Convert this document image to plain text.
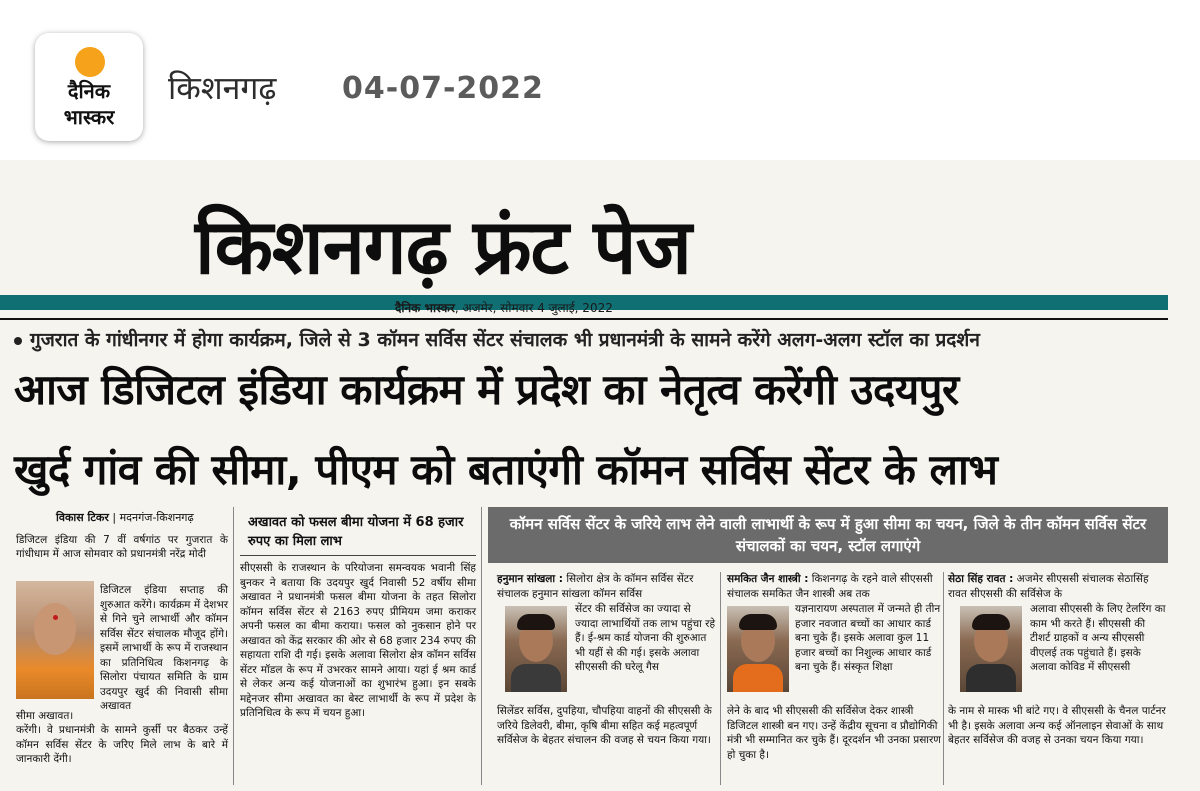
दैनिक
भास्कर
किशनगढ़ 04-07-2022
किशनगढ़ फ्रंट पेज
दैनिक भास्कर, अजमेर, सोमवार 4 जुलाई, 2022
गुजरात के गांधीनगर में होगा कार्यक्रम, जिले से 3 कॉमन सर्विस सेंटर संचालक भी प्रधानमंत्री के सामने करेंगे अलग-अलग स्टॉल का प्रदर्शन
आज डिजिटल इंडिया कार्यक्रम में प्रदेश का नेतृत्व करेंगी उदयपुर
खुर्द गांव की सीमा, पीएम को बताएंगी कॉमन सर्विस सेंटर के लाभ
विकास टिकर | मदनगंज-किशनगढ़
डिजिटल इंडिया की 7 वीं वर्षगांठ पर गुजरात के गांधीधाम में आज सोमवार को प्रधानमंत्री नरेंद्र मोदी
डिजिटल इंडिया सप्ताह की शुरुआत करेंगे। कार्यक्रम में देशभर से गिने चुने लाभार्थी और कॉमन सर्विस सेंटर संचालक मौजूद होंगे। इसमें लाभार्थी के रूप में राजस्थान का प्रतिनिधित्व किशनगढ़ के सिलोरा पंचायत समिति के ग्राम उदयपुर खुर्द की निवासी सीमा अखावत
सीमा अखावत।
करेंगी। वे प्रधानमंत्री के सामने कुर्सी पर बैठकर उन्हें कॉमन सर्विस सेंटर के जरिए मिले लाभ के बारे में जानकारी देंगी।
अखावत को फसल बीमा योजना में 68 हजार रुपए का मिला लाभ
सीएससी के राजस्थान के परियोजना समन्वयक भवानी सिंह बुनकर ने बताया कि उदयपुर खुर्द निवासी 52 वर्षीय सीमा अखावत ने प्रधानमंत्री फसल बीमा योजना के तहत सिलोरा कॉमन सर्विस सेंटर से 2163 रुपए प्रीमियम जमा कराकर अपनी फसल का बीमा कराया। फसल को नुकसान होने पर अखावत को केंद्र सरकार की ओर से 68 हजार 234 रुपए की सहायता राशि दी गई। इसके अलावा सिलोरा क्षेत्र कॉमन सर्विस सेंटर मॉडल के रूप में उभरकर सामने आया। यहां ई श्रम कार्ड से लेकर अन्य कई योजनाओं का शुभारंभ हुआ। इन सबके मद्देनजर सीमा अखावत का बेस्ट लाभार्थी के रूप में प्रदेश के प्रतिनिधित्व के रूप में चयन हुआ।
कॉमन सर्विस सेंटर के जरिये लाभ लेने वाली लाभार्थी के रूप में हुआ सीमा का चयन, जिले के तीन कॉमन सर्विस सेंटर संचालकों का चयन, स्टॉल लगाएंगे
हनुमान सांखला : सिलोरा क्षेत्र के कॉमन सर्विस सेंटर संचालक हनुमान सांखला कॉमन सर्विस
सेंटर की सर्विसेज का ज्यादा से ज्यादा लाभार्थियों तक लाभ पहुंचा रहे हैं। ई-श्रम कार्ड योजना की शुरुआत भी यहीं से की गई। इसके अलावा सीएससी की घरेलू गैस
सिलेंडर सर्विस, दुपहिया, चौपहिया वाहनों की सीएससी के जरिये डिलेवरी, बीमा, कृषि बीमा सहित कई महत्वपूर्ण सर्विसेज के बेहतर संचालन की वजह से चयन किया गया।
समकित जैन शास्त्री : किशनगढ़ के रहने वाले सीएससी संचालक समकित जैन शास्त्री अब तक
यज्ञनारायण अस्पताल में जन्मते ही तीन हजार नवजात बच्चों का आधार कार्ड बना चुके हैं। इसके अलावा कुल 11 हजार बच्चों का निशुल्क आधार कार्ड बना चुके हैं। संस्कृत शिक्षा
लेने के बाद भी सीएससी की सर्विसेज देकर शास्त्री डिजिटल शास्त्री बन गए। उन्हें केंद्रीय सूचना व प्रौद्योगिकी मंत्री भी सम्मानित कर चुके हैं। दूरदर्शन भी उनका प्रसारण हो चुका है।
सेठा सिंह रावत : अजमेर सीएससी संचालक सेठासिंह रावत सीएससी की सर्विसेज के
अलावा सीएससी के लिए टेलरिंग का काम भी करते हैं। सीएससी की टीशर्ट ग्राहकों व अन्य सीएससी वीएलई तक पहुंचाते हैं। इसके अलावा कोविड में सीएससी
के नाम से मास्क भी बांटे गए। वे सीएससी के चैनल पार्टनर भी है। इसके अलावा अन्य कई ऑनलाइन सेवाओं के साथ बेहतर सर्विसेज की वजह से उनका चयन किया गया।
